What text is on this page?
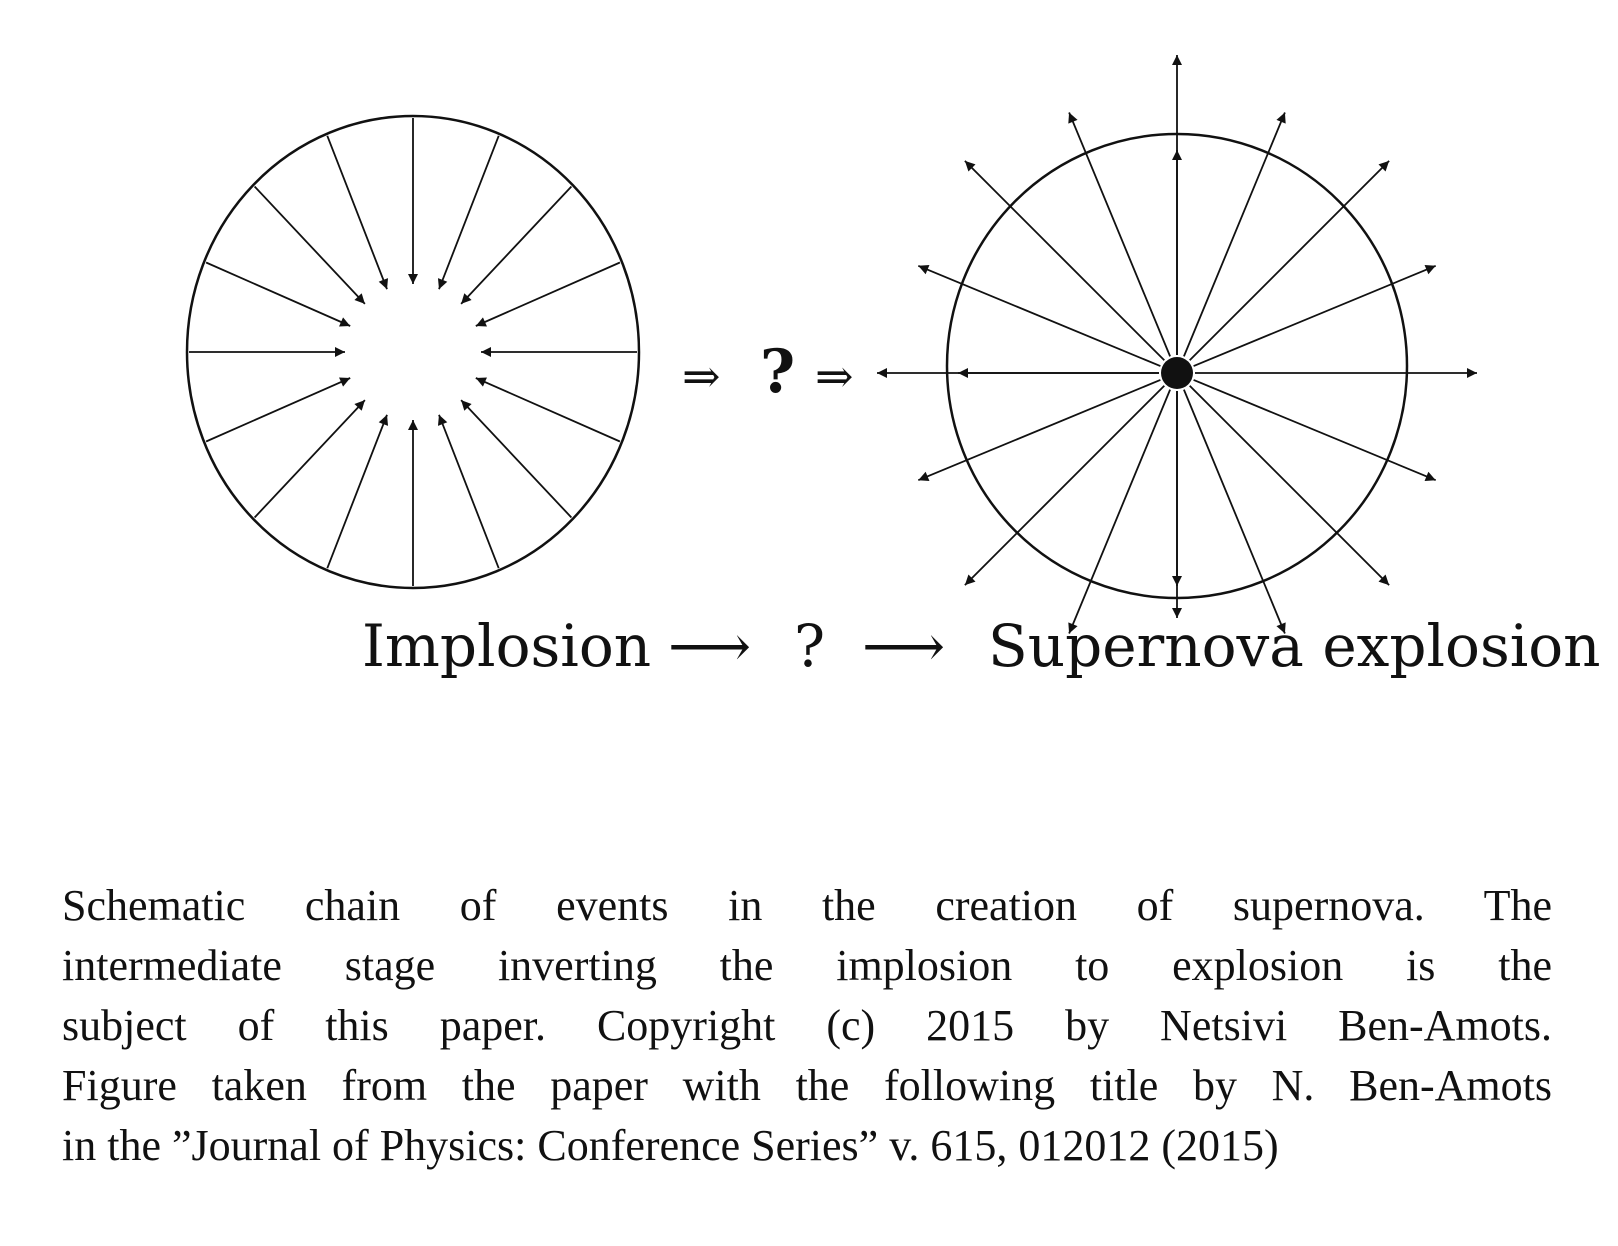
⇒ ? ⇒
Implosion ⟶ ? ⟶ Supernova explosion

Schematic chain of events in the creation of supernova. The
intermediate stage inverting the implosion to explosion is the
subject of this paper. Copyright (c) 2015 by Netsivi Ben-Amots.
Figure taken from the paper with the following title by N. Ben-Amots
in the ”Journal of Physics: Conference Series” v. 615, 012012 (2015)
